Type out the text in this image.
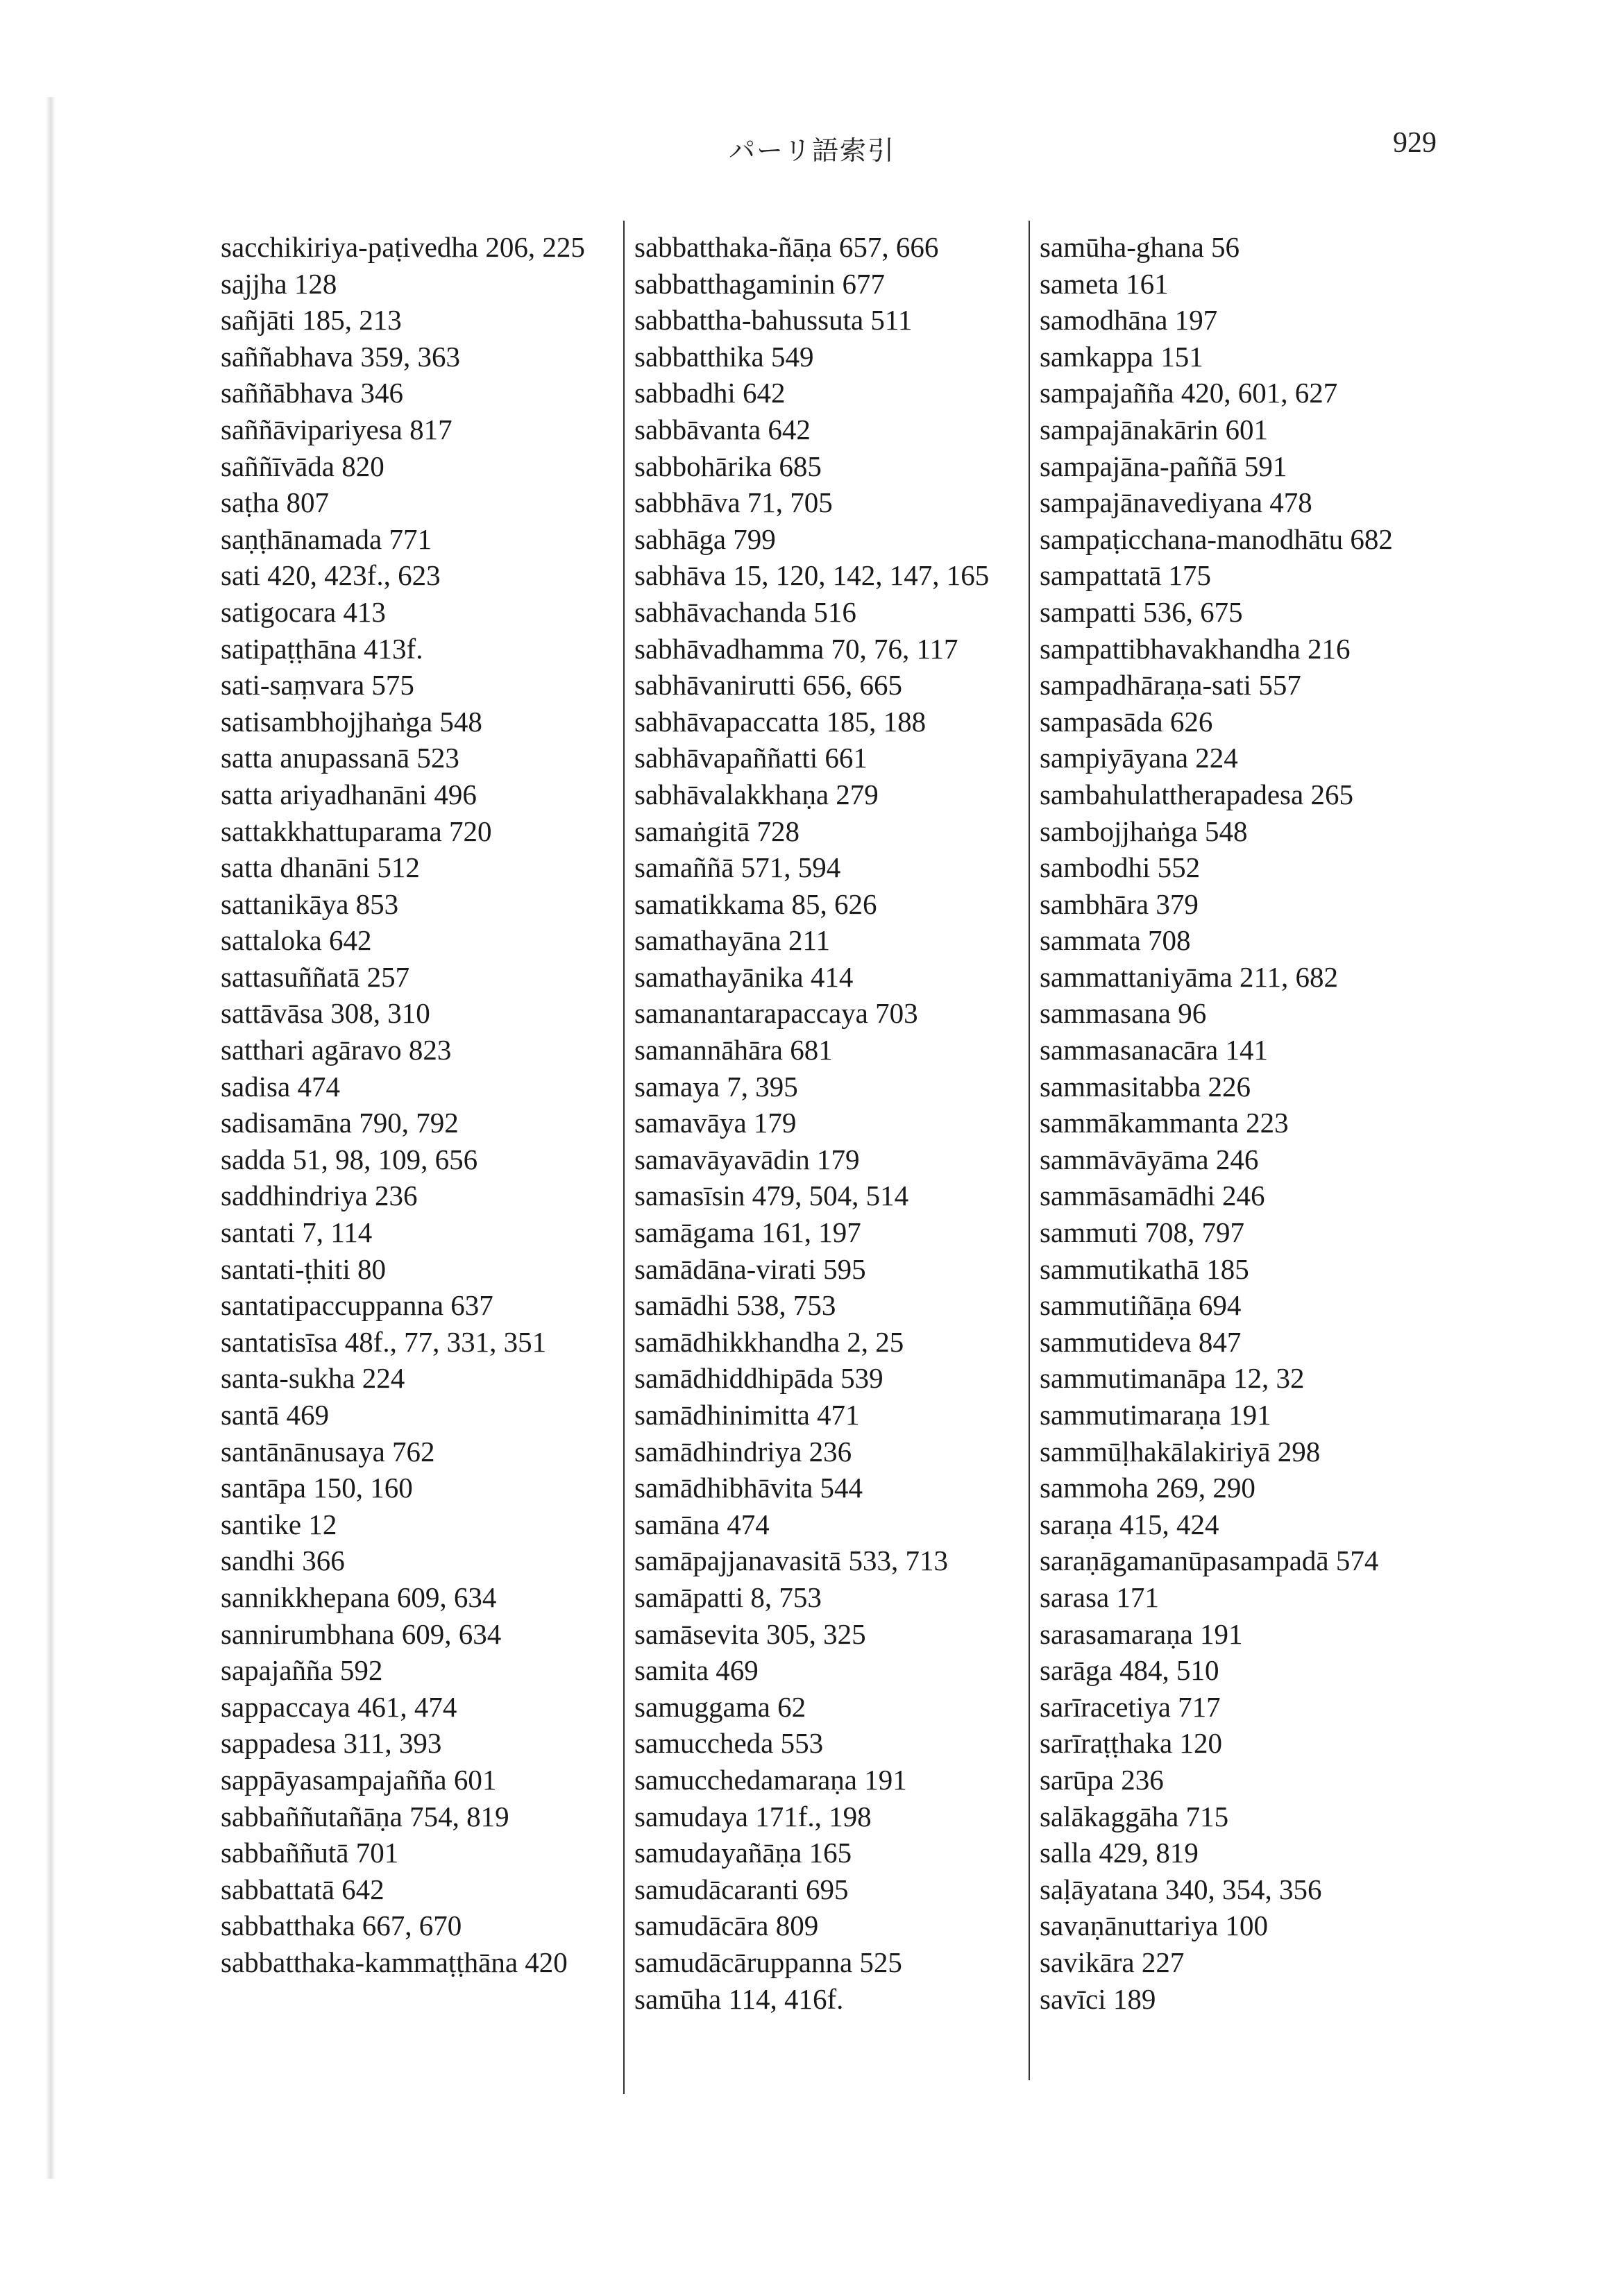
パーリ語索引	929
sacchikiriya-paṭivedha 206, 225
sajjha 128
sañjāti 185, 213
saññabhava 359, 363
saññābhava 346
saññāvipariyesa 817
saññīvāda 820
saṭha 807
saṇṭhānamada 771
sati 420, 423f., 623
satigocara 413
satipaṭṭhāna 413f.
sati-saṃvara 575
satisambhojjhaṅga 548
satta anupassanā 523
satta ariyadhanāni 496
sattakkhattuparama 720
satta dhanāni 512
sattanikāya 853
sattaloka 642
sattasuññatā 257
sattāvāsa 308, 310
satthari agāravo 823
sadisa 474
sadisamāna 790, 792
sadda 51, 98, 109, 656
saddhindriya 236
santati 7, 114
santati-ṭhiti 80
santatipaccuppanna 637
santatisīsa 48f., 77, 331, 351
santa-sukha 224
santā 469
santānānusaya 762
santāpa 150, 160
santike 12
sandhi 366
sannikkhepana 609, 634
sannirumbhana 609, 634
sapajañña 592
sappaccaya 461, 474
sappadesa 311, 393
sappāyasampajañña 601
sabbaññutañāṇa 754, 819
sabbaññutā 701
sabbattatā 642
sabbatthaka 667, 670
sabbatthaka-kammaṭṭhāna 420
sabbatthaka-ñāṇa 657, 666
sabbatthagaminin 677
sabbattha-bahussuta 511
sabbatthika 549
sabbadhi 642
sabbāvanta 642
sabbohārika 685
sabbhāva 71, 705
sabhāga 799
sabhāva 15, 120, 142, 147, 165
sabhāvachanda 516
sabhāvadhamma 70, 76, 117
sabhāvanirutti 656, 665
sabhāvapaccatta 185, 188
sabhāvapaññatti 661
sabhāvalakkhaṇa 279
samaṅgitā 728
samaññā 571, 594
samatikkama 85, 626
samathayāna 211
samathayānika 414
samanantarapaccaya 703
samannāhāra 681
samaya 7, 395
samavāya 179
samavāyavādin 179
samasīsin 479, 504, 514
samāgama 161, 197
samādāna-virati 595
samādhi 538, 753
samādhikkhandha 2, 25
samādhiddhipāda 539
samādhinimitta 471
samādhindriya 236
samādhibhāvita 544
samāna 474
samāpajjanavasitā 533, 713
samāpatti 8, 753
samāsevita 305, 325
samita 469
samuggama 62
samuccheda 553
samucchedamaraṇa 191
samudaya 171f., 198
samudayañāṇa 165
samudācaranti 695
samudācāra 809
samudācāruppanna 525
samūha 114, 416f.
samūha-ghana 56
sameta 161
samodhāna 197
samkappa 151
sampajañña 420, 601, 627
sampajānakārin 601
sampajāna-paññā 591
sampajānavediyana 478
sampaṭicchana-manodhātu 682
sampattatā 175
sampatti 536, 675
sampattibhavakhandha 216
sampadhāraṇa-sati 557
sampasāda 626
sampiyāyana 224
sambahulattherapadesa 265
sambojjhaṅga 548
sambodhi 552
sambhāra 379
sammata 708
sammattaniyāma 211, 682
sammasana 96
sammasanacāra 141
sammasitabba 226
sammākammanta 223
sammāvāyāma 246
sammāsamādhi 246
sammuti 708, 797
sammutikathā 185
sammutiñāṇa 694
sammutideva 847
sammutimanāpa 12, 32
sammutimaraṇa 191
sammūḷhakālakiriyā 298
sammoha 269, 290
saraṇa 415, 424
saraṇāgamanūpasampadā 574
sarasa 171
sarasamaraṇa 191
sarāga 484, 510
sarīracetiya 717
sarīraṭṭhaka 120
sarūpa 236
salākaggāha 715
salla 429, 819
saḷāyatana 340, 354, 356
savaṇānuttariya 100
savikāra 227
savīci 189
